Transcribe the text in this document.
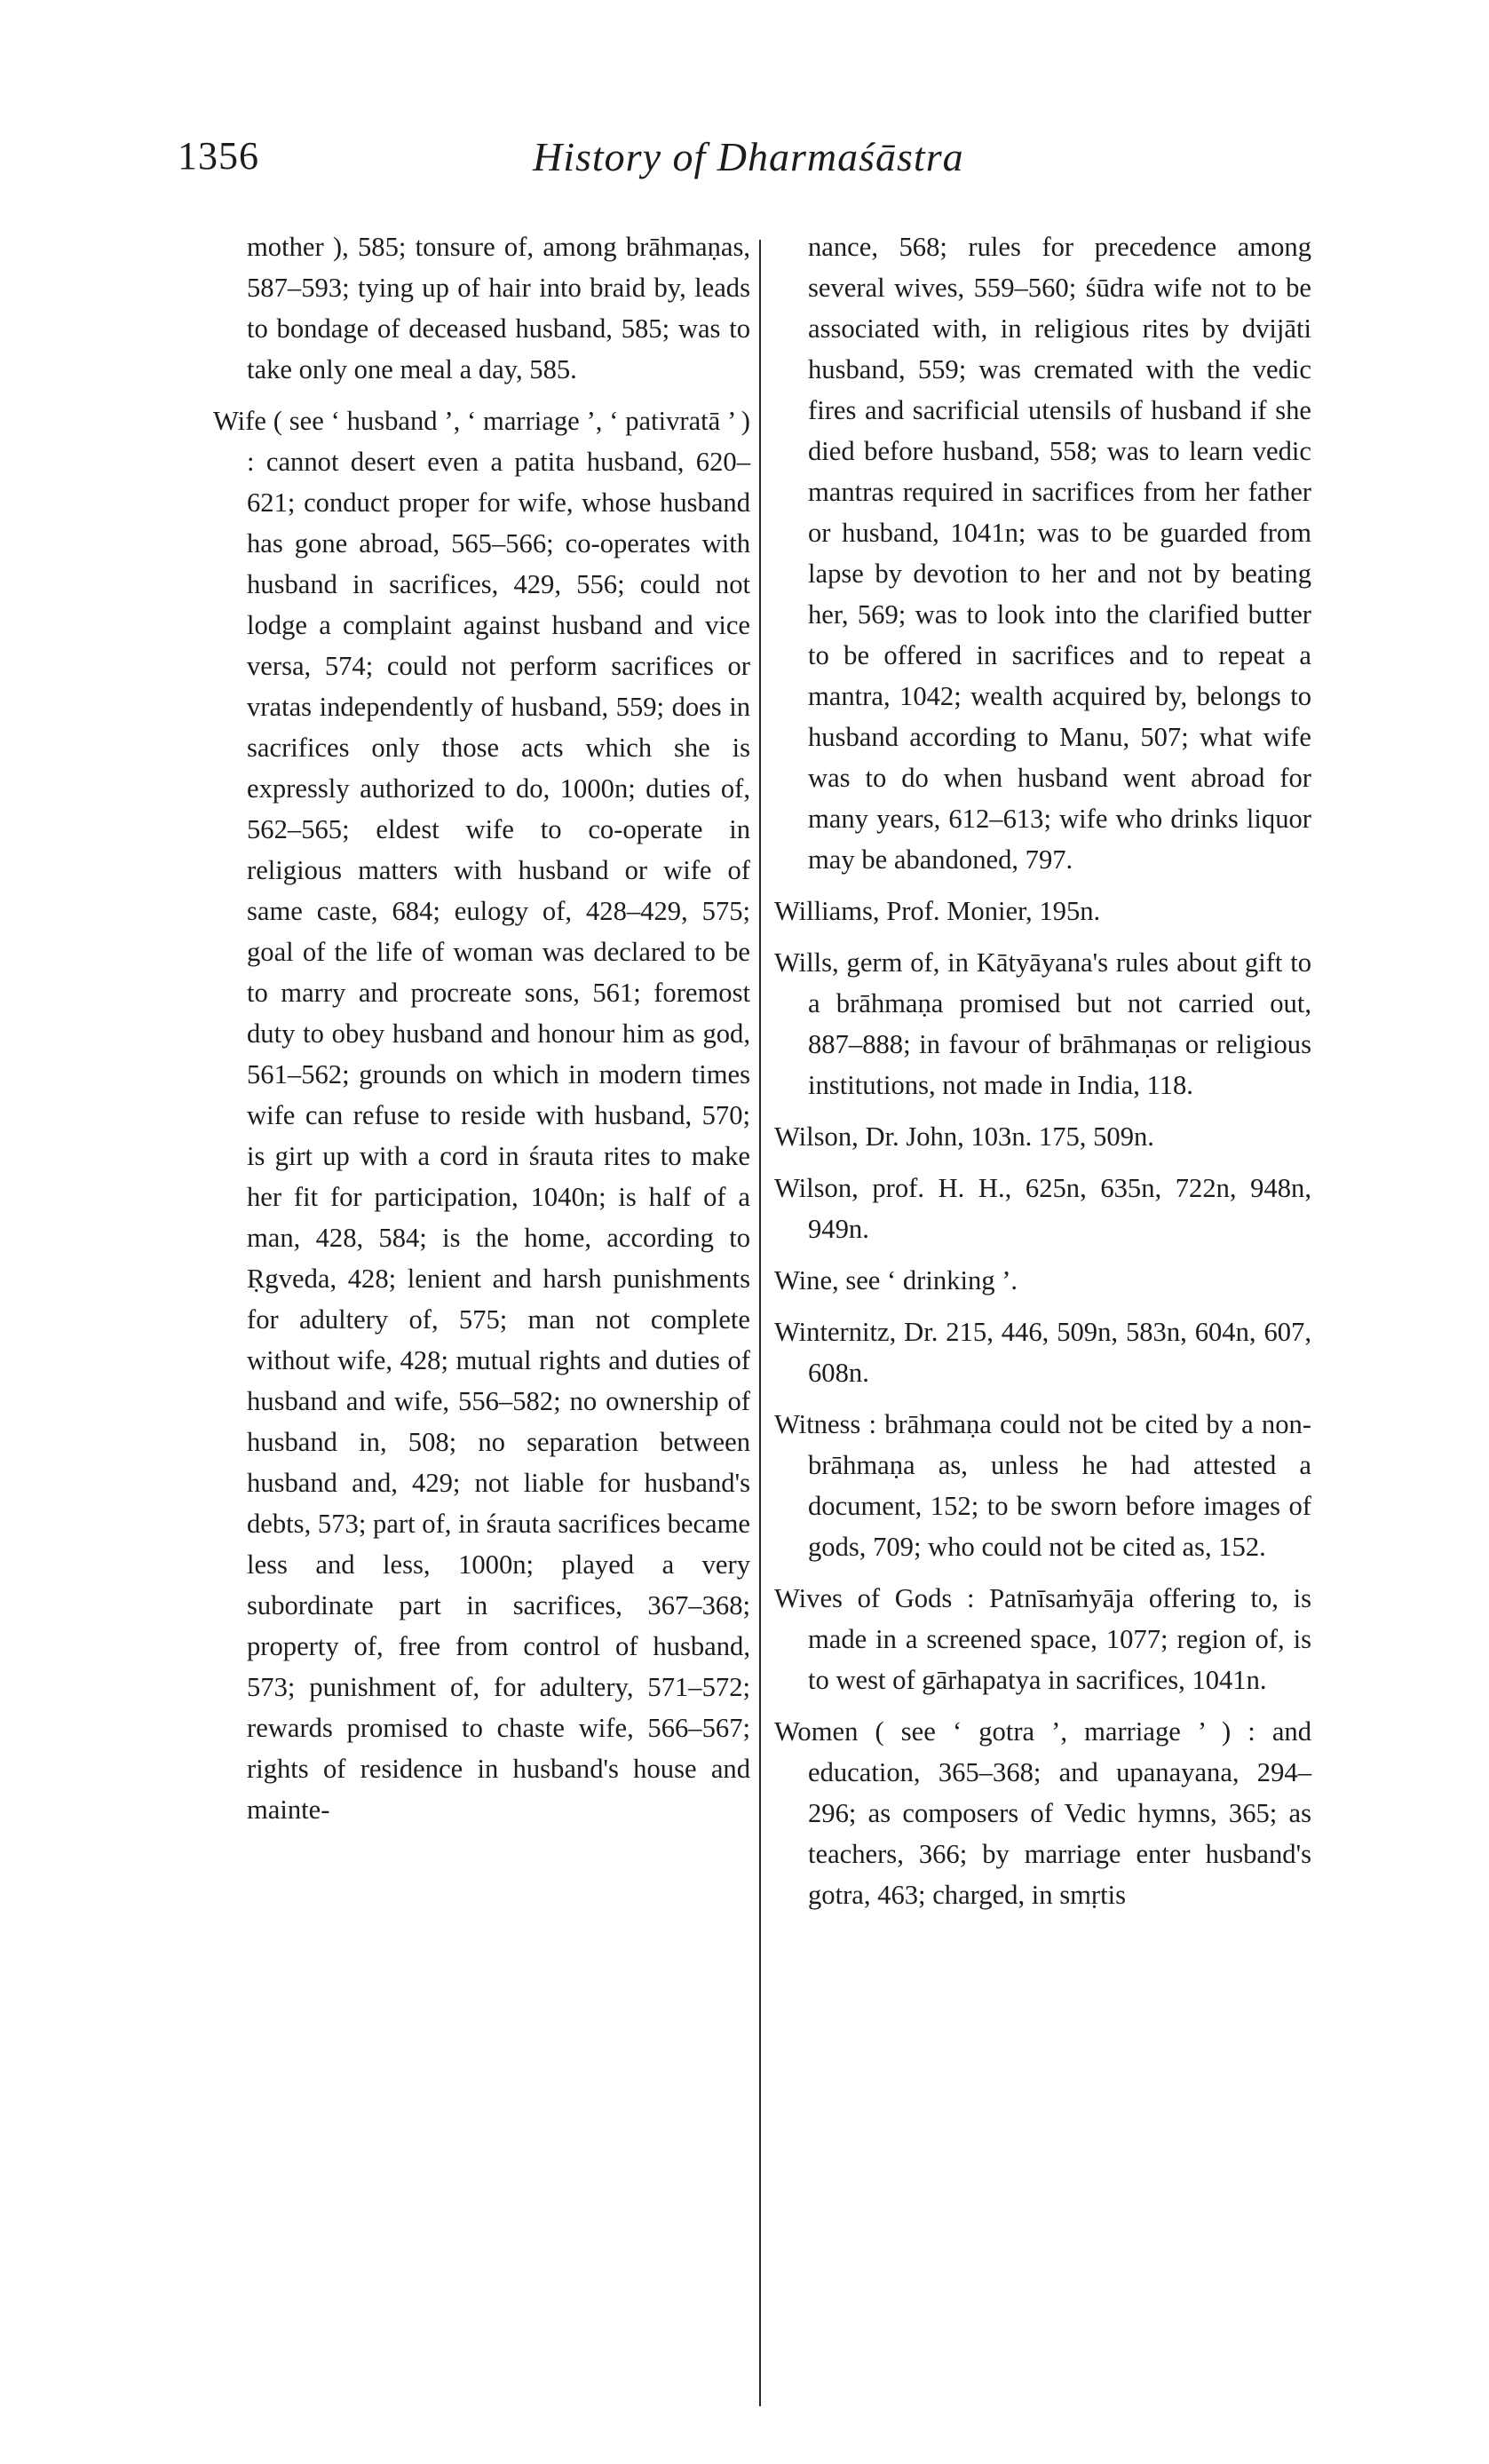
1356	History of Dharmaśāstra

mother ), 585; tonsure of, among brāhmaṇas, 587–593; tying up of hair into braid by, leads to bondage of deceased husband, 585; was to take only one meal a day, 585.

Wife ( see ‘ husband ’, ‘ marriage ’, ‘ pativratā ’ ) : cannot desert even a patita husband, 620–621; conduct proper for wife, whose husband has gone abroad, 565–566; co-operates with husband in sacrifices, 429, 556; could not lodge a complaint against husband and vice versa, 574; could not perform sacrifices or vratas independently of husband, 559; does in sacrifices only those acts which she is expressly authorized to do, 1000n; duties of, 562–565; eldest wife to co-operate in religious matters with husband or wife of same caste, 684; eulogy of, 428–429, 575; goal of the life of woman was declared to be to marry and procreate sons, 561; foremost duty to obey husband and honour him as god, 561–562; grounds on which in modern times wife can refuse to reside with husband, 570; is girt up with a cord in śrauta rites to make her fit for participation, 1040n; is half of a man, 428, 584; is the home, according to Ṛgveda, 428; lenient and harsh punishments for adultery of, 575; man not complete without wife, 428; mutual rights and duties of husband and wife, 556–582; no ownership of husband in, 508; no separation between husband and, 429; not liable for husband's debts, 573; part of, in śrauta sacrifices became less and less, 1000n; played a very subordinate part in sacrifices, 367–368; property of, free from control of husband, 573; punishment of, for adultery, 571–572; rewards promised to chaste wife, 566–567; rights of residence in husband's house and mainte-

nance, 568; rules for precedence among several wives, 559–560; śūdra wife not to be associated with, in religious rites by dvijāti husband, 559; was cremated with the vedic fires and sacrificial utensils of husband if she died before husband, 558; was to learn vedic mantras required in sacrifices from her father or husband, 1041n; was to be guarded from lapse by devotion to her and not by beating her, 569; was to look into the clarified butter to be offered in sacrifices and to repeat a mantra, 1042; wealth acquired by, belongs to husband according to Manu, 507; what wife was to do when husband went abroad for many years, 612–613; wife who drinks liquor may be abandoned, 797.

Williams, Prof. Monier, 195n.

Wills, germ of, in Kātyāyana's rules about gift to a brāhmaṇa promised but not carried out, 887–888; in favour of brāhmaṇas or religious institutions, not made in India, 118.

Wilson, Dr. John, 103n. 175, 509n.

Wilson, prof. H. H., 625n, 635n, 722n, 948n, 949n.

Wine, see ‘ drinking ’.

Winternitz, Dr. 215, 446, 509n, 583n, 604n, 607, 608n.

Witness : brāhmaṇa could not be cited by a non-brāhmaṇa as, unless he had attested a document, 152; to be sworn before images of gods, 709; who could not be cited as, 152.

Wives of Gods : Patnīsaṁyāja offering to, is made in a screened space, 1077; region of, is to west of gārhapatya in sacrifices, 1041n.

Women ( see ‘ gotra ’, marriage ’ ) : and education, 365–368; and upanayana, 294–296; as composers of Vedic hymns, 365; as teachers, 366; by marriage enter husband's gotra, 463; charged, in smṛtis
